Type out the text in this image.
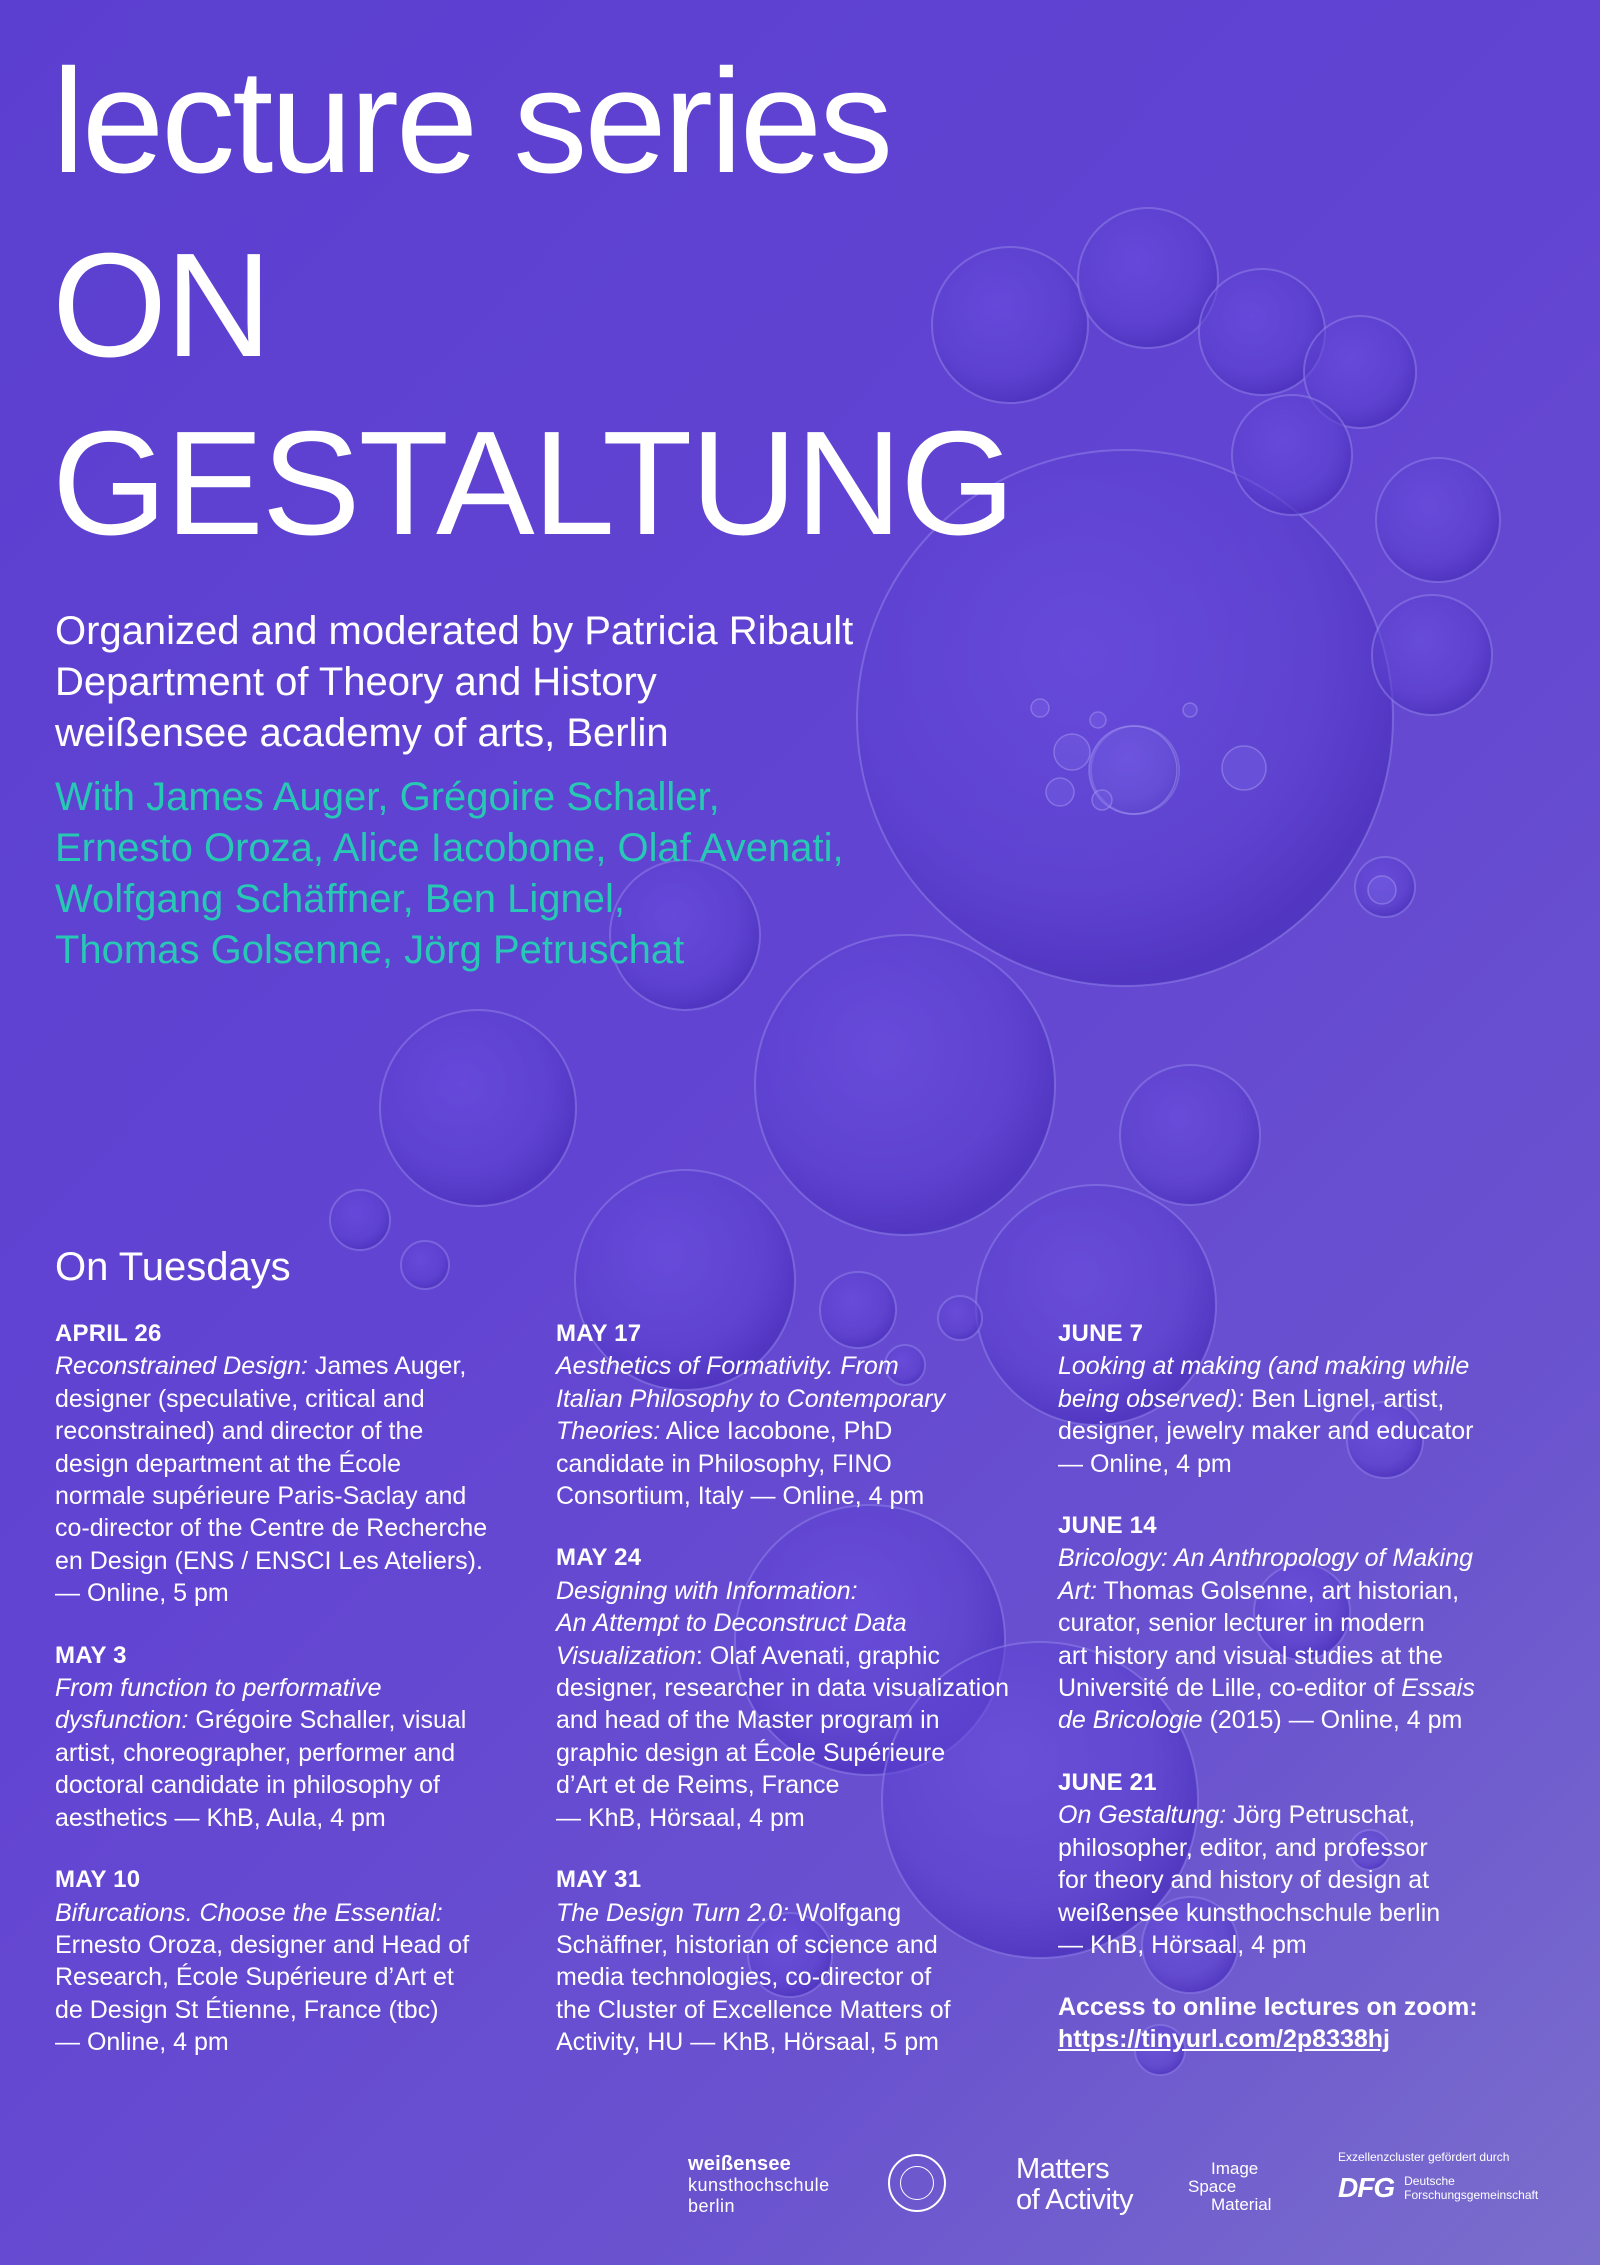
lecture series
ON
GESTALTUNG
Organized and moderated by Patricia Ribault
Department of Theory and History
weißensee academy of arts, Berlin
With James Auger, Grégoire Schaller,
Ernesto Oroza, Alice Iacobone, Olaf Avenati,
Wolfgang Schäffner, Ben Lignel,
Thomas Golsenne, Jörg Petruschat
On Tuesdays
APRIL 26
Reconstrained Design: James Auger,
designer (speculative, critical and
reconstrained) and director of the
design department at the École
normale supérieure Paris-Saclay and
co-director of the Centre de Recherche
en Design (ENS / ENSCI Les Ateliers).
— Online, 5 pm
MAY 3
From function to performative
dysfunction: Grégoire Schaller, visual
artist, choreographer, performer and
doctoral candidate in philosophy of
aesthetics — KhB, Aula, 4 pm
MAY 10
Bifurcations. Choose the Essential:
Ernesto Oroza, designer and Head of
Research, École Supérieure d’Art et
de Design St Étienne, France (tbc)
— Online, 4 pm
MAY 17
Aesthetics of Formativity. From
Italian Philosophy to Contemporary
Theories: Alice Iacobone, PhD
candidate in Philosophy, FINO
Consortium, Italy — Online, 4 pm
MAY 24
Designing with Information:
An Attempt to Deconstruct Data
Visualization: Olaf Avenati, graphic
designer, researcher in data visualization
and head of the Master program in
graphic design at École Supérieure
d’Art et de Reims, France
— KhB, Hörsaal, 4 pm
MAY 31
The Design Turn 2.0: Wolfgang
Schäffner, historian of science and
media technologies, co-director of
the Cluster of Excellence Matters of
Activity, HU — KhB, Hörsaal, 5 pm
JUNE 7
Looking at making (and making while
being observed): Ben Lignel, artist,
designer, jewelry maker and educator
— Online, 4 pm
JUNE 14
Bricology: An Anthropology of Making
Art: Thomas Golsenne, art historian,
curator, senior lecturer in modern
art history and visual studies at the
Université de Lille, co-editor of Essais
de Bricologie (2015) — Online, 4 pm
JUNE 21
On Gestaltung: Jörg Petruschat,
philosopher, editor, and professor
for theory and history of design at
weißensee kunsthochschule berlin
— KhB, Hörsaal, 4 pm
Access to online lectures on zoom:
https://tinyurl.com/2p8338hj
weißensee
kunsthochschule
berlin
Matters
of Activity
Image
Space
Material
Exzellenzcluster gefördert durch
DFG Deutsche
Forschungsgemeinschaft
